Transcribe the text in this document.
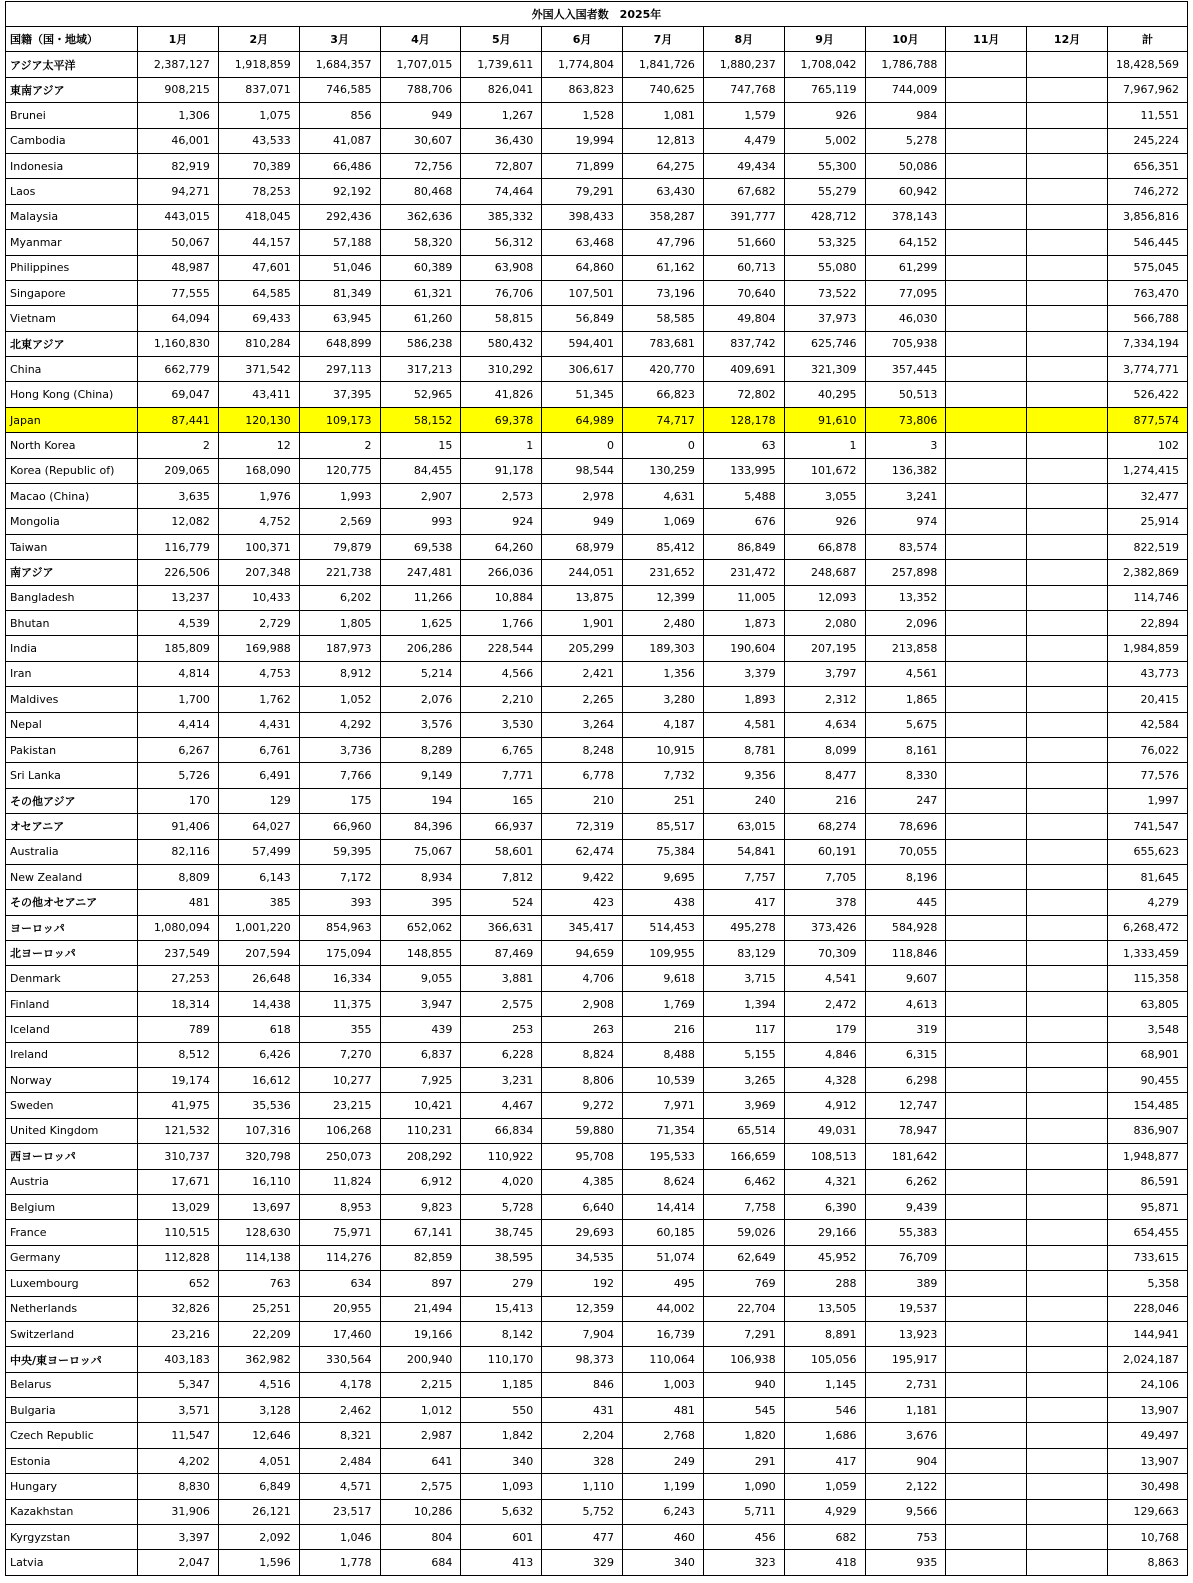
外国人入国者数　2025年													
国籍（国・地域）	1月	2月	3月	4月	5月	6月	7月	8月	9月	10月	11月	12月	計
アジア太平洋	2,387,127	1,918,859	1,684,357	1,707,015	1,739,611	1,774,804	1,841,726	1,880,237	1,708,042	1,786,788			18,428,569
東南アジア	908,215	837,071	746,585	788,706	826,041	863,823	740,625	747,768	765,119	744,009			7,967,962
Brunei	1,306	1,075	856	949	1,267	1,528	1,081	1,579	926	984			11,551
Cambodia	46,001	43,533	41,087	30,607	36,430	19,994	12,813	4,479	5,002	5,278			245,224
Indonesia	82,919	70,389	66,486	72,756	72,807	71,899	64,275	49,434	55,300	50,086			656,351
Laos	94,271	78,253	92,192	80,468	74,464	79,291	63,430	67,682	55,279	60,942			746,272
Malaysia	443,015	418,045	292,436	362,636	385,332	398,433	358,287	391,777	428,712	378,143			3,856,816
Myanmar	50,067	44,157	57,188	58,320	56,312	63,468	47,796	51,660	53,325	64,152			546,445
Philippines	48,987	47,601	51,046	60,389	63,908	64,860	61,162	60,713	55,080	61,299			575,045
Singapore	77,555	64,585	81,349	61,321	76,706	107,501	73,196	70,640	73,522	77,095			763,470
Vietnam	64,094	69,433	63,945	61,260	58,815	56,849	58,585	49,804	37,973	46,030			566,788
北東アジア	1,160,830	810,284	648,899	586,238	580,432	594,401	783,681	837,742	625,746	705,938			7,334,194
China	662,779	371,542	297,113	317,213	310,292	306,617	420,770	409,691	321,309	357,445			3,774,771
Hong Kong (China)	69,047	43,411	37,395	52,965	41,826	51,345	66,823	72,802	40,295	50,513			526,422
Japan	87,441	120,130	109,173	58,152	69,378	64,989	74,717	128,178	91,610	73,806			877,574
North Korea	2	12	2	15	1	0	0	63	1	3			102
Korea (Republic of)	209,065	168,090	120,775	84,455	91,178	98,544	130,259	133,995	101,672	136,382			1,274,415
Macao (China)	3,635	1,976	1,993	2,907	2,573	2,978	4,631	5,488	3,055	3,241			32,477
Mongolia	12,082	4,752	2,569	993	924	949	1,069	676	926	974			25,914
Taiwan	116,779	100,371	79,879	69,538	64,260	68,979	85,412	86,849	66,878	83,574			822,519
南アジア	226,506	207,348	221,738	247,481	266,036	244,051	231,652	231,472	248,687	257,898			2,382,869
Bangladesh	13,237	10,433	6,202	11,266	10,884	13,875	12,399	11,005	12,093	13,352			114,746
Bhutan	4,539	2,729	1,805	1,625	1,766	1,901	2,480	1,873	2,080	2,096			22,894
India	185,809	169,988	187,973	206,286	228,544	205,299	189,303	190,604	207,195	213,858			1,984,859
Iran	4,814	4,753	8,912	5,214	4,566	2,421	1,356	3,379	3,797	4,561			43,773
Maldives	1,700	1,762	1,052	2,076	2,210	2,265	3,280	1,893	2,312	1,865			20,415
Nepal	4,414	4,431	4,292	3,576	3,530	3,264	4,187	4,581	4,634	5,675			42,584
Pakistan	6,267	6,761	3,736	8,289	6,765	8,248	10,915	8,781	8,099	8,161			76,022
Sri Lanka	5,726	6,491	7,766	9,149	7,771	6,778	7,732	9,356	8,477	8,330			77,576
その他アジア	170	129	175	194	165	210	251	240	216	247			1,997
オセアニア	91,406	64,027	66,960	84,396	66,937	72,319	85,517	63,015	68,274	78,696			741,547
Australia	82,116	57,499	59,395	75,067	58,601	62,474	75,384	54,841	60,191	70,055			655,623
New Zealand	8,809	6,143	7,172	8,934	7,812	9,422	9,695	7,757	7,705	8,196			81,645
その他オセアニア	481	385	393	395	524	423	438	417	378	445			4,279
ヨーロッパ	1,080,094	1,001,220	854,963	652,062	366,631	345,417	514,453	495,278	373,426	584,928			6,268,472
北ヨーロッパ	237,549	207,594	175,094	148,855	87,469	94,659	109,955	83,129	70,309	118,846			1,333,459
Denmark	27,253	26,648	16,334	9,055	3,881	4,706	9,618	3,715	4,541	9,607			115,358
Finland	18,314	14,438	11,375	3,947	2,575	2,908	1,769	1,394	2,472	4,613			63,805
Iceland	789	618	355	439	253	263	216	117	179	319			3,548
Ireland	8,512	6,426	7,270	6,837	6,228	8,824	8,488	5,155	4,846	6,315			68,901
Norway	19,174	16,612	10,277	7,925	3,231	8,806	10,539	3,265	4,328	6,298			90,455
Sweden	41,975	35,536	23,215	10,421	4,467	9,272	7,971	3,969	4,912	12,747			154,485
United Kingdom	121,532	107,316	106,268	110,231	66,834	59,880	71,354	65,514	49,031	78,947			836,907
西ヨーロッパ	310,737	320,798	250,073	208,292	110,922	95,708	195,533	166,659	108,513	181,642			1,948,877
Austria	17,671	16,110	11,824	6,912	4,020	4,385	8,624	6,462	4,321	6,262			86,591
Belgium	13,029	13,697	8,953	9,823	5,728	6,640	14,414	7,758	6,390	9,439			95,871
France	110,515	128,630	75,971	67,141	38,745	29,693	60,185	59,026	29,166	55,383			654,455
Germany	112,828	114,138	114,276	82,859	38,595	34,535	51,074	62,649	45,952	76,709			733,615
Luxembourg	652	763	634	897	279	192	495	769	288	389			5,358
Netherlands	32,826	25,251	20,955	21,494	15,413	12,359	44,002	22,704	13,505	19,537			228,046
Switzerland	23,216	22,209	17,460	19,166	8,142	7,904	16,739	7,291	8,891	13,923			144,941
中央/東ヨーロッパ	403,183	362,982	330,564	200,940	110,170	98,373	110,064	106,938	105,056	195,917			2,024,187
Belarus	5,347	4,516	4,178	2,215	1,185	846	1,003	940	1,145	2,731			24,106
Bulgaria	3,571	3,128	2,462	1,012	550	431	481	545	546	1,181			13,907
Czech Republic	11,547	12,646	8,321	2,987	1,842	2,204	2,768	1,820	1,686	3,676			49,497
Estonia	4,202	4,051	2,484	641	340	328	249	291	417	904			13,907
Hungary	8,830	6,849	4,571	2,575	1,093	1,110	1,199	1,090	1,059	2,122			30,498
Kazakhstan	31,906	26,121	23,517	10,286	5,632	5,752	6,243	5,711	4,929	9,566			129,663
Kyrgyzstan	3,397	2,092	1,046	804	601	477	460	456	682	753			10,768
Latvia	2,047	1,596	1,778	684	413	329	340	323	418	935			8,863
